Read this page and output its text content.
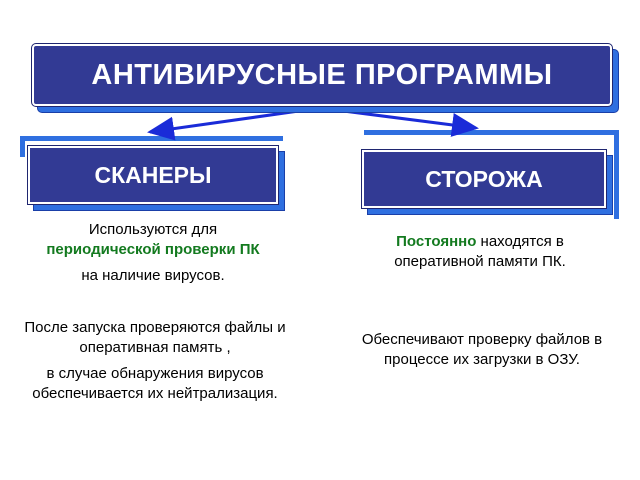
АНТИВИРУСНЫЕ ПРОГРАММЫ
СКАНЕРЫ	СТОРОЖА
Используются для
периодической проверки ПК
на наличие вирусов.
После запуска проверяются файлы и оперативная память ,
в случае обнаружения вирусов обеспечивается их нейтрализация.
Постоянно находятся в оперативной памяти ПК.
Обеспечивают проверку файлов в процессе их загрузки в ОЗУ.
